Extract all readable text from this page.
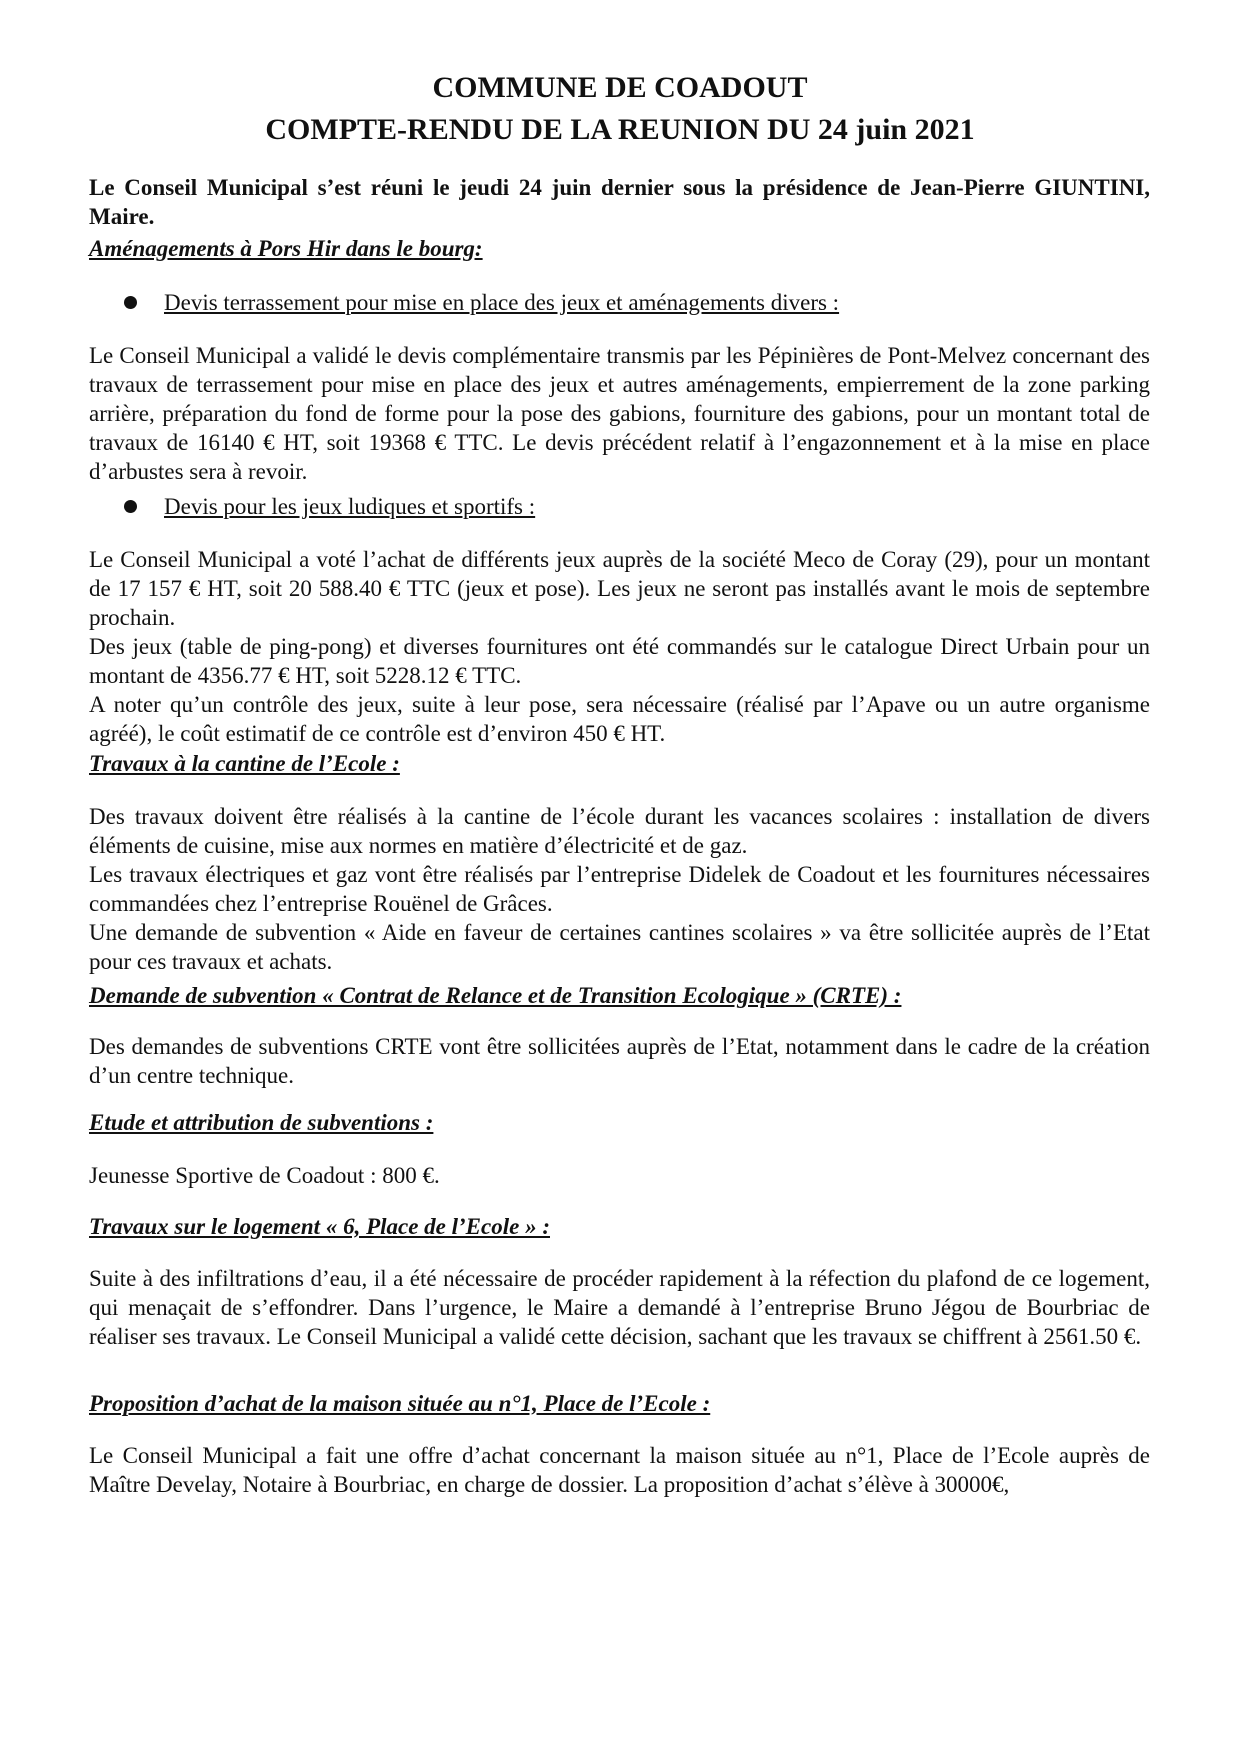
COMMUNE DE COADOUT
COMPTE-RENDU DE LA REUNION DU 24 juin 2021

Le Conseil Municipal s’est réuni le jeudi 24 juin dernier sous la présidence de Jean-Pierre GIUNTINI, Maire.

Aménagements à Pors Hir dans le bourg:
Devis terrassement pour mise en place des jeux et aménagements divers :
Le Conseil Municipal a validé le devis complémentaire transmis par les Pépinières de Pont-Melvez concernant des travaux de terrassement pour mise en place des jeux et autres aménagements, empierrement de la zone parking arrière, préparation du fond de forme pour la pose des gabions, fourniture des gabions, pour un montant total de travaux de 16140 € HT, soit 19368 € TTC. Le devis précédent relatif à l’engazonnement et à la mise en place d’arbustes sera à revoir.
Devis pour les jeux ludiques et sportifs :
Le Conseil Municipal a voté l’achat de différents jeux auprès de la société Meco de Coray (29), pour un montant de 17 157 € HT, soit 20 588.40 € TTC (jeux et pose). Les jeux ne seront pas installés avant le mois de septembre prochain.
Des jeux (table de ping-pong) et diverses fournitures ont été commandés sur le catalogue Direct Urbain pour un montant de 4356.77 € HT, soit 5228.12 € TTC.
A noter qu’un contrôle des jeux, suite à leur pose, sera nécessaire (réalisé par l’Apave ou un autre organisme agréé), le coût estimatif de ce contrôle est d’environ 450 € HT.
Travaux à la cantine de l’Ecole :
Des travaux doivent être réalisés à la cantine de l’école durant les vacances scolaires : installation de divers éléments de cuisine, mise aux normes en matière d’électricité et de gaz.
Les travaux électriques et gaz vont être réalisés par l’entreprise Didelek de Coadout et les fournitures nécessaires commandées chez l’entreprise Rouënel de Grâces.
Une demande de subvention « Aide en faveur de certaines cantines scolaires » va être sollicitée auprès de l’Etat pour ces travaux et achats.
Demande de subvention « Contrat de Relance et de Transition Ecologique » (CRTE) :
Des demandes de subventions CRTE vont être sollicitées auprès de l’Etat, notamment dans le cadre de la création d’un centre technique.
Etude et attribution de subventions :
Jeunesse Sportive de Coadout : 800 €.
Travaux sur le logement « 6, Place de l’Ecole » :
Suite à des infiltrations d’eau, il a été nécessaire de procéder rapidement à la réfection du plafond de ce logement, qui menaçait de s’effondrer. Dans l’urgence, le Maire a demandé à l’entreprise Bruno Jégou de Bourbriac de réaliser ses travaux. Le Conseil Municipal a validé cette décision, sachant que les travaux se chiffrent à 2561.50 €.
Proposition d’achat de la maison située au n°1, Place de l’Ecole :
Le Conseil Municipal a fait une offre d’achat concernant la maison située au n°1, Place de l’Ecole auprès de Maître Develay, Notaire à Bourbriac, en charge de dossier. La proposition d’achat s’élève à 30000€,
